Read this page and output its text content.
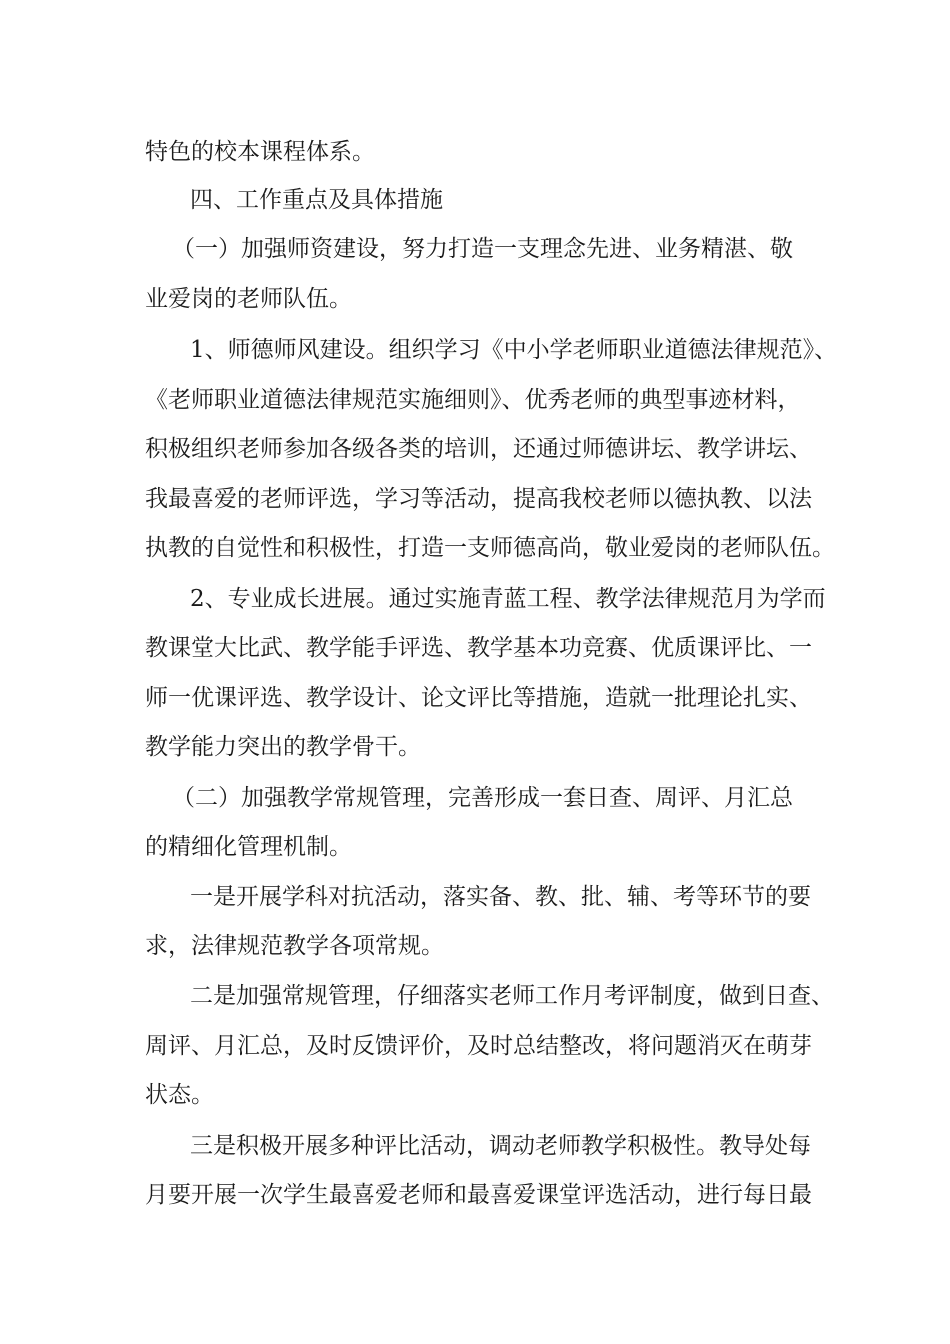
特色的校本课程体系。
四、工作重点及具体措施
（一）加强师资建设，努力打造一支理念先进、业务精湛、敬
业爱岗的老师队伍。
1、师德师风建设。组织学习《中小学老师职业道德法律规范》、
《老师职业道德法律规范实施细则》、优秀老师的典型事迹材料，
积极组织老师参加各级各类的培训，还通过师德讲坛、教学讲坛、
我最喜爱的老师评选，学习等活动，提高我校老师以德执教、以法
执教的自觉性和积极性，打造一支师德高尚，敬业爱岗的老师队伍。
2、专业成长进展。通过实施青蓝工程、教学法律规范月为学而
教课堂大比武、教学能手评选、教学基本功竞赛、优质课评比、一
师一优课评选、教学设计、论文评比等措施，造就一批理论扎实、
教学能力突出的教学骨干。
（二）加强教学常规管理，完善形成一套日查、周评、月汇总
的精细化管理机制。
一是开展学科对抗活动，落实备、教、批、辅、考等环节的要
求，法律规范教学各项常规。
二是加强常规管理，仔细落实老师工作月考评制度，做到日查、
周评、月汇总，及时反馈评价，及时总结整改，将问题消灭在萌芽
状态。
三是积极开展多种评比活动，调动老师教学积极性。教导处每
月要开展一次学生最喜爱老师和最喜爱课堂评选活动，进行每日最
